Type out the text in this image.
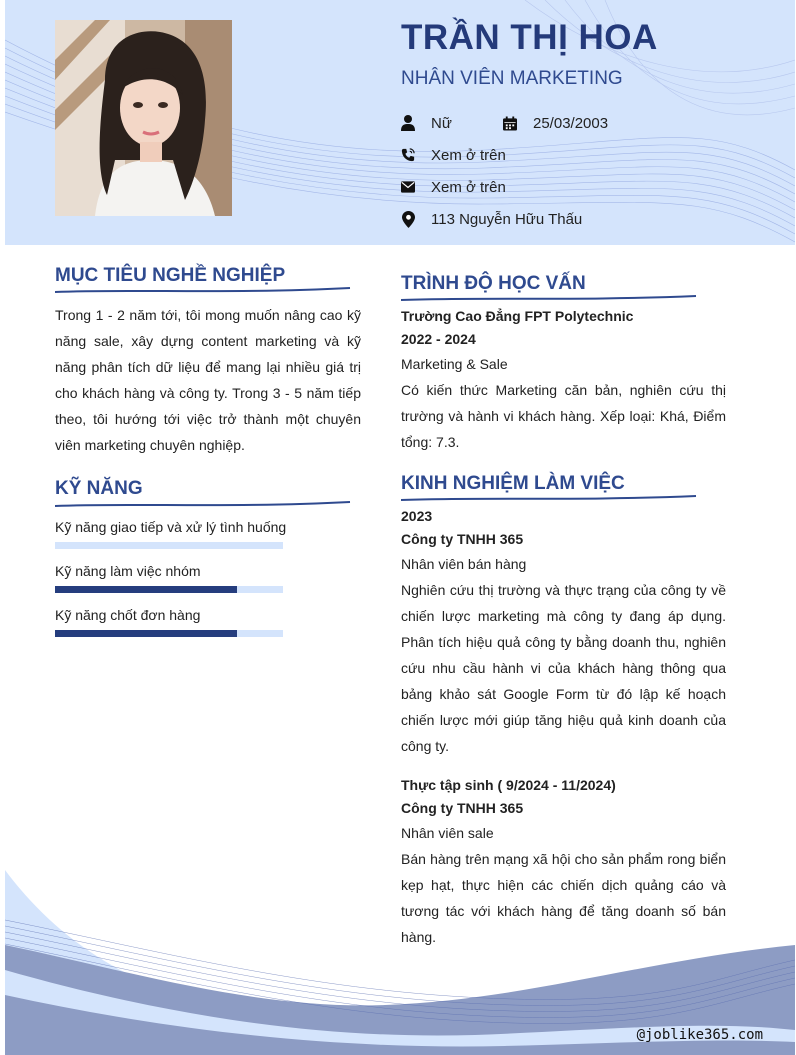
TRẦN THỊ HOA
NHÂN VIÊN MARKETING
Nữ	25/03/2003
Xem ở trên
Xem ở trên
113 Nguyễn Hữu Thấu
MỤC TIÊU NGHỀ NGHIỆP
Trong 1 - 2 năm tới, tôi mong muốn nâng cao kỹ năng sale, xây dựng content marketing và kỹ năng phân tích dữ liệu để mang lại nhiều giá trị cho khách hàng và công ty. Trong 3 - 5 năm tiếp theo, tôi hướng tới việc trở thành một chuyên viên marketing chuyên nghiệp.
KỸ NĂNG
Kỹ năng giao tiếp và xử lý tình huống
Kỹ năng làm việc nhóm
Kỹ năng chốt đơn hàng
TRÌNH ĐỘ HỌC VẤN
Trường Cao Đẳng FPT Polytechnic
2022 - 2024
Marketing & Sale
Có kiến thức Marketing căn bản, nghiên cứu thị trường và hành vi khách hàng. Xếp loại: Khá, Điểm tổng: 7.3.
KINH NGHIỆM LÀM VIỆC
2023
Công ty TNHH 365
Nhân viên bán hàng
Nghiên cứu thị trường và thực trạng của công ty về chiến lược marketing mà công ty đang áp dụng. Phân tích hiệu quả công ty bằng doanh thu, nghiên cứu nhu cầu hành vi của khách hàng thông qua bảng khảo sát Google Form từ đó lập kế hoạch chiến lược mới giúp tăng hiệu quả kinh doanh của công ty.
Thực tập sinh ( 9/2024 - 11/2024)
Công ty TNHH 365
Nhân viên sale
Bán hàng trên mạng xã hội cho sản phẩm rong biển kẹp hạt, thực hiện các chiến dịch quảng cáo và tương tác với khách hàng để tăng doanh số bán hàng.
@joblike365.com
